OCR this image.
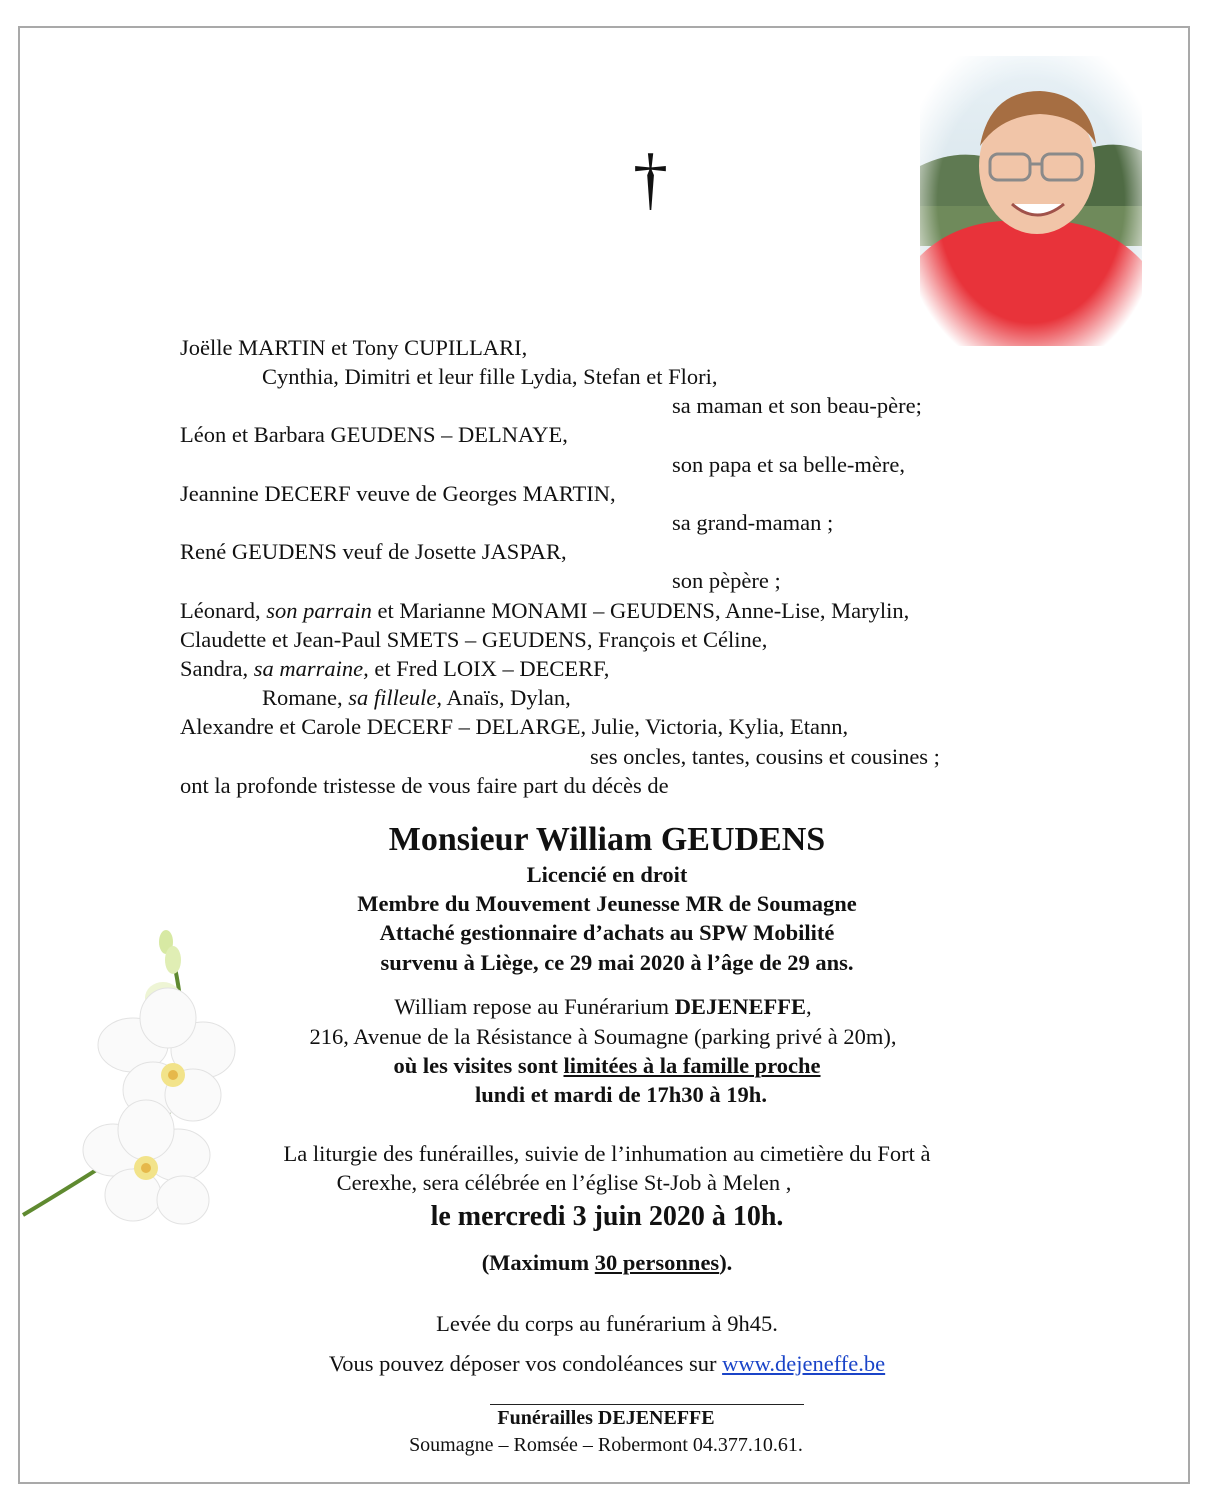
†
Joëlle MARTIN et Tony CUPILLARI,
Cynthia, Dimitri et leur fille Lydia, Stefan et Flori,
sa maman et son beau-père;
Léon et Barbara GEUDENS – DELNAYE,
son papa et sa belle-mère,
Jeannine DECERF veuve de Georges MARTIN,
sa grand-maman ;
René GEUDENS veuf de Josette JASPAR,
son pèpère ;
Léonard, son parrain et Marianne MONAMI – GEUDENS, Anne-Lise, Marylin,
Claudette et Jean-Paul SMETS – GEUDENS, François et Céline,
Sandra, sa marraine, et Fred LOIX – DECERF,
Romane, sa filleule, Anaïs, Dylan,
Alexandre et Carole DECERF – DELARGE, Julie, Victoria, Kylia, Etann,
ses oncles, tantes, cousins et cousines ;
ont la profonde tristesse de vous faire part du décès de
Monsieur William GEUDENS
Licencié en droit
Membre du Mouvement Jeunesse MR de Soumagne
Attaché gestionnaire d’achats au SPW Mobilité
survenu à Liège, ce 29 mai 2020 à l’âge de 29 ans.
William repose au Funérarium DEJENEFFE,
216, Avenue de la Résistance à Soumagne (parking privé à 20m),
où les visites sont limitées à la famille proche
lundi et mardi de 17h30 à 19h.
La liturgie des funérailles, suivie de l’inhumation au cimetière du Fort à
Cerexhe, sera célébrée en l’église St-Job à Melen ,
le mercredi 3 juin 2020 à 10h.
(Maximum 30 personnes).
Levée du corps au funérarium à 9h45.
Vous pouvez déposer vos condoléances sur www.dejeneffe.be
Funérailles DEJENEFFE
Soumagne – Romsée – Robermont 04.377.10.61.
